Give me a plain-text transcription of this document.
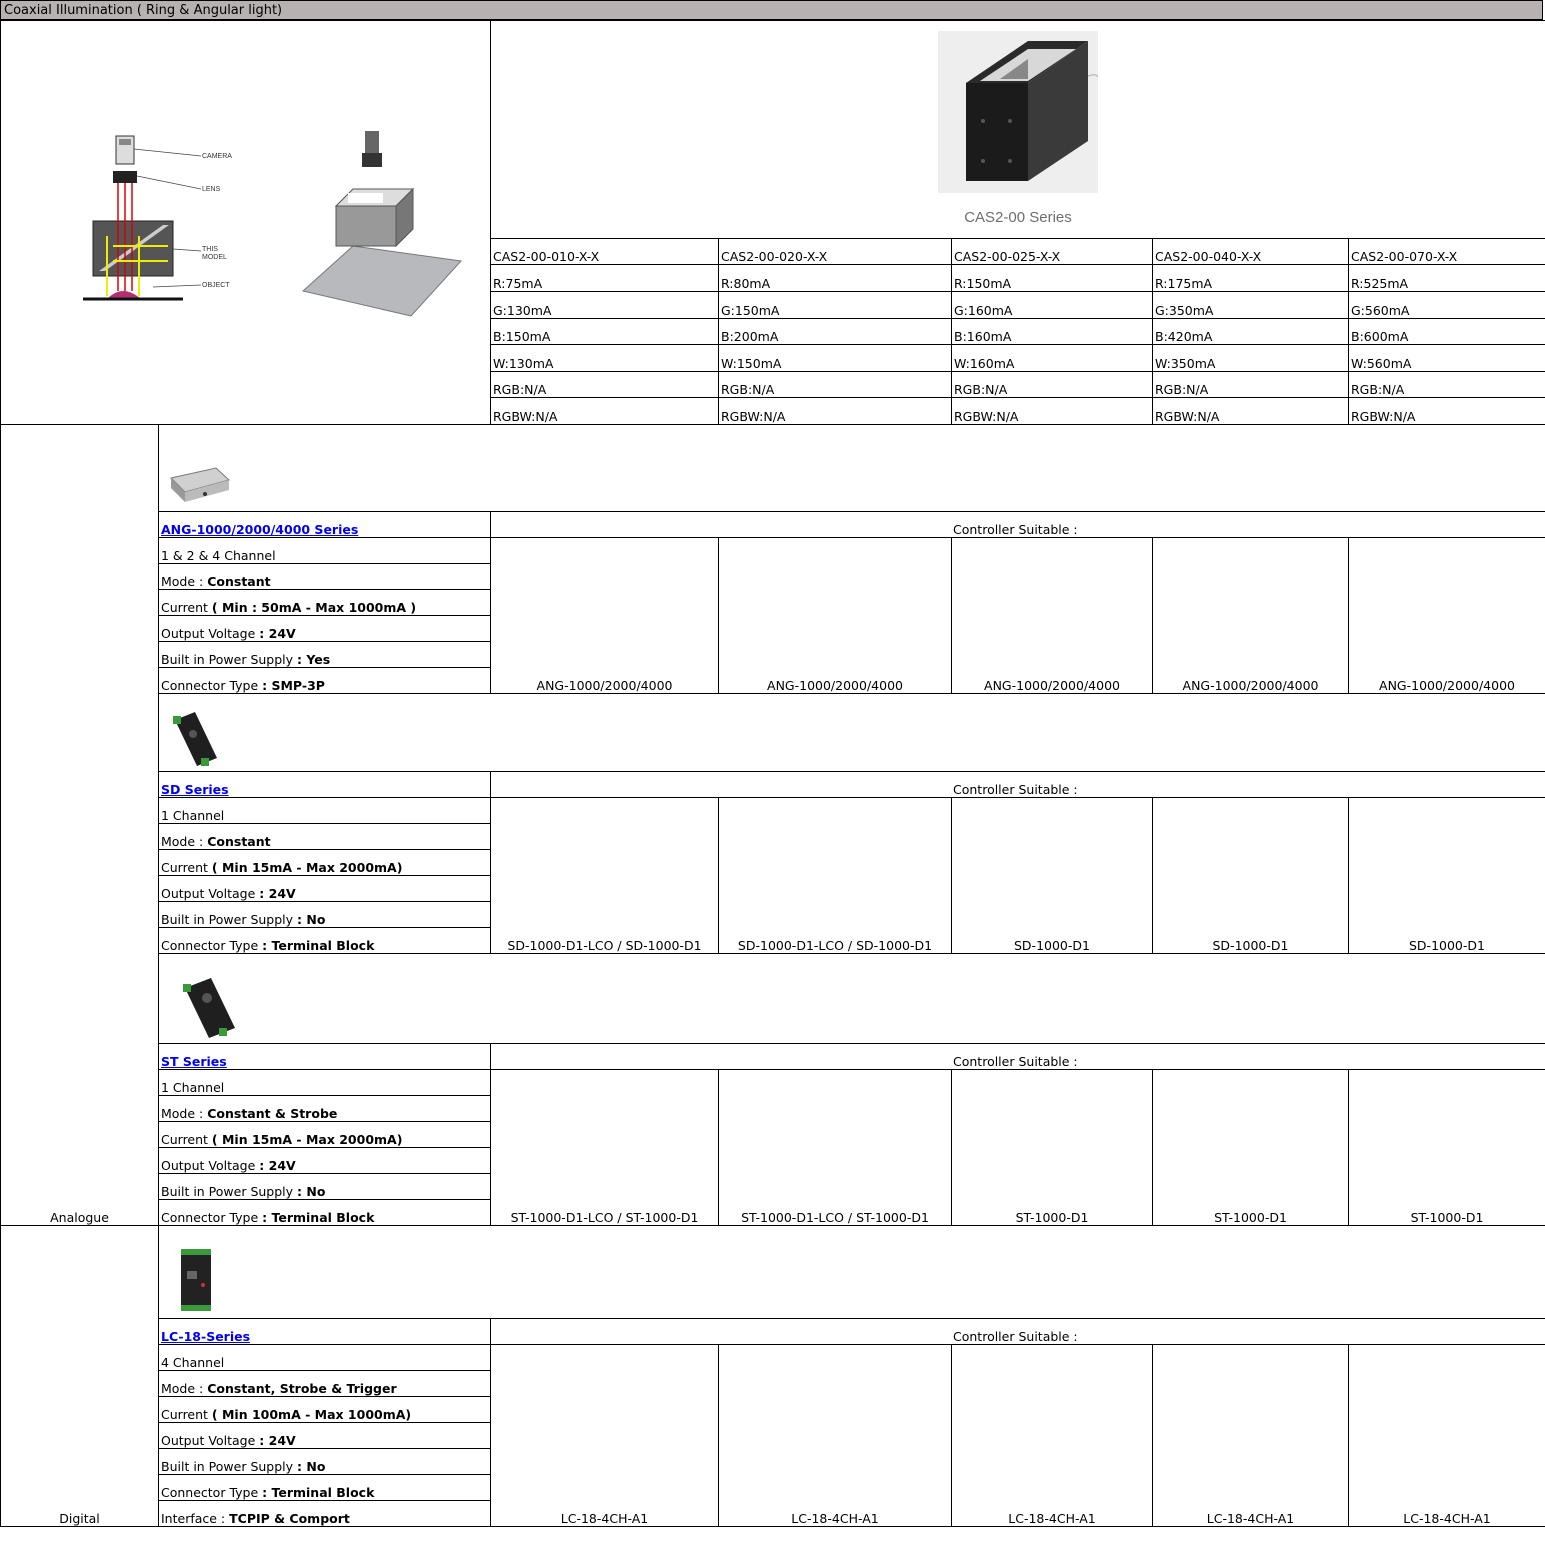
Coaxial Illumination ( Ring & Angular light)
CAMERA
LENS
THIS
MODEL
OBJECT		CAS2-00 Series				

		CAS2-00-010-X-X	CAS2-00-020-X-X	CAS2-00-025-X-X	CAS2-00-040-X-X	CAS2-00-070-X-X
		R:75mA	R:80mA	R:150mA	R:175mA	R:525mA
		G:130mA	G:150mA	G:160mA	G:350mA	G:560mA
		B:150mA	B:200mA	B:160mA	B:420mA	B:600mA
		W:130mA	W:150mA	W:160mA	W:350mA	W:560mA
		RGB:N/A	RGB:N/A	RGB:N/A	RGB:N/A	RGB:N/A
		RGBW:N/A	RGBW:N/A	RGBW:N/A	RGBW:N/A	RGBW:N/A
Analogue	
	ANG-1000/2000/4000 Series	Controller Suitable :				
	1 & 2 & 4 Channel	ANG-1000/2000/4000	ANG-1000/2000/4000	ANG-1000/2000/4000	ANG-1000/2000/4000	ANG-1000/2000/4000
	Mode : Constant					
	Current ( Min : 50mA - Max 1000mA )					
	Output Voltage : 24V					
	Built in Power Supply : Yes					
	Connector Type : SMP-3P					

	SD Series	Controller Suitable :				
	1 Channel	SD-1000-D1-LCO / SD-1000-D1	SD-1000-D1-LCO / SD-1000-D1	SD-1000-D1	SD-1000-D1	SD-1000-D1
	Mode : Constant					
	Current ( Min 15mA - Max 2000mA)					
	Output Voltage : 24V					
	Built in Power Supply : No					
	Connector Type : Terminal Block					

	ST Series	Controller Suitable :				
	1 Channel	ST-1000-D1-LCO / ST-1000-D1	ST-1000-D1-LCO / ST-1000-D1	ST-1000-D1	ST-1000-D1	ST-1000-D1
	Mode : Constant & Strobe					
	Current ( Min 15mA - Max 2000mA)					
	Output Voltage : 24V					
	Built in Power Supply : No					
	Connector Type : Terminal Block					
Digital	
	LC-18-Series	Controller Suitable :				
	4 Channel	LC-18-4CH-A1	LC-18-4CH-A1	LC-18-4CH-A1	LC-18-4CH-A1	LC-18-4CH-A1
	Mode : Constant, Strobe & Trigger					
	Current ( Min 100mA - Max 1000mA)					
	Output Voltage : 24V					
	Built in Power Supply : No					
	Connector Type : Terminal Block					
	Interface : TCPIP & Comport					
